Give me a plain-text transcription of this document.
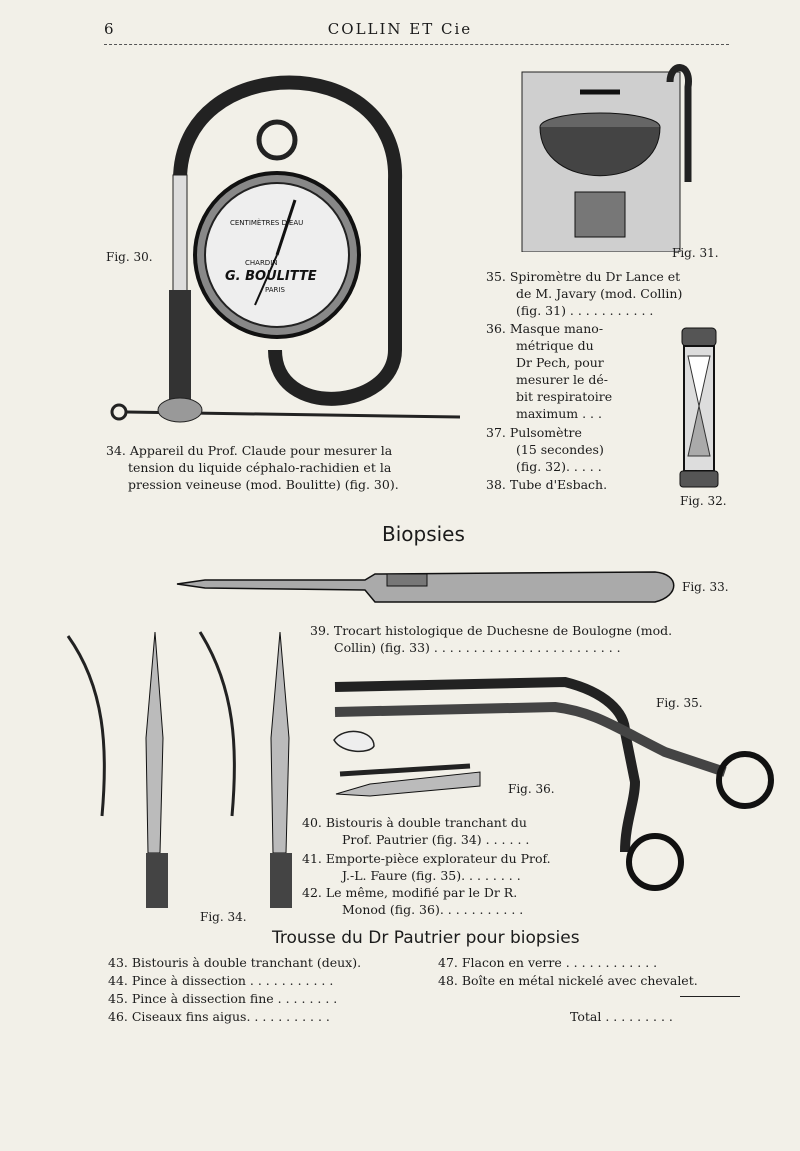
6	COLLIN ET Cie
G. BOULITTE
PARIS
CENTIMÈTRES D'EAU
CHARDIN
Fig. 30.
34. Appareil du Prof. Claude pour mesurer la
tension du liquide céphalo-rachidien et la
pression veineuse (mod. Boulitte) (fig. 30).
Fig. 31.
35. Spiromètre du Dr Lance et
de M. Javary (mod. Collin)
(fig. 31) . . . . . . . . . . .
36. Masque mano-
métrique du
Dr Pech, pour
mesurer le dé-
bit respiratoire
maximum . . .
37. Pulsomètre
(15 secondes)
(fig. 32). . . . .
38. Tube d'Esbach.
Fig. 32.
Biopsies
Fig. 33.
39. Trocart histologique de Duchesne de Boulogne (mod.
Collin) (fig. 33) . . . . . . . . . . . . . . . . . . . . . . . .
Fig. 34.
Fig. 35.
Fig. 36.
40. Bistouris à double tranchant du
Prof. Pautrier (fig. 34) . . . . . .
41. Emporte-pièce explorateur du Prof.
J.-L. Faure (fig. 35). . . . . . . .
42. Le même, modifié par le Dr R.
Monod (fig. 36). . . . . . . . . . .
Trousse du Dr Pautrier pour biopsies
43. Bistouris à double tranchant (deux).
44. Pince à dissection . . . . . . . . . . .
45. Pince à dissection fine . . . . . . . .
46. Ciseaux fins aigus. . . . . . . . . . .
47. Flacon en verre . . . . . . . . . . . .
48. Boîte en métal nickelé avec chevalet.
Total . . . . . . . . .
